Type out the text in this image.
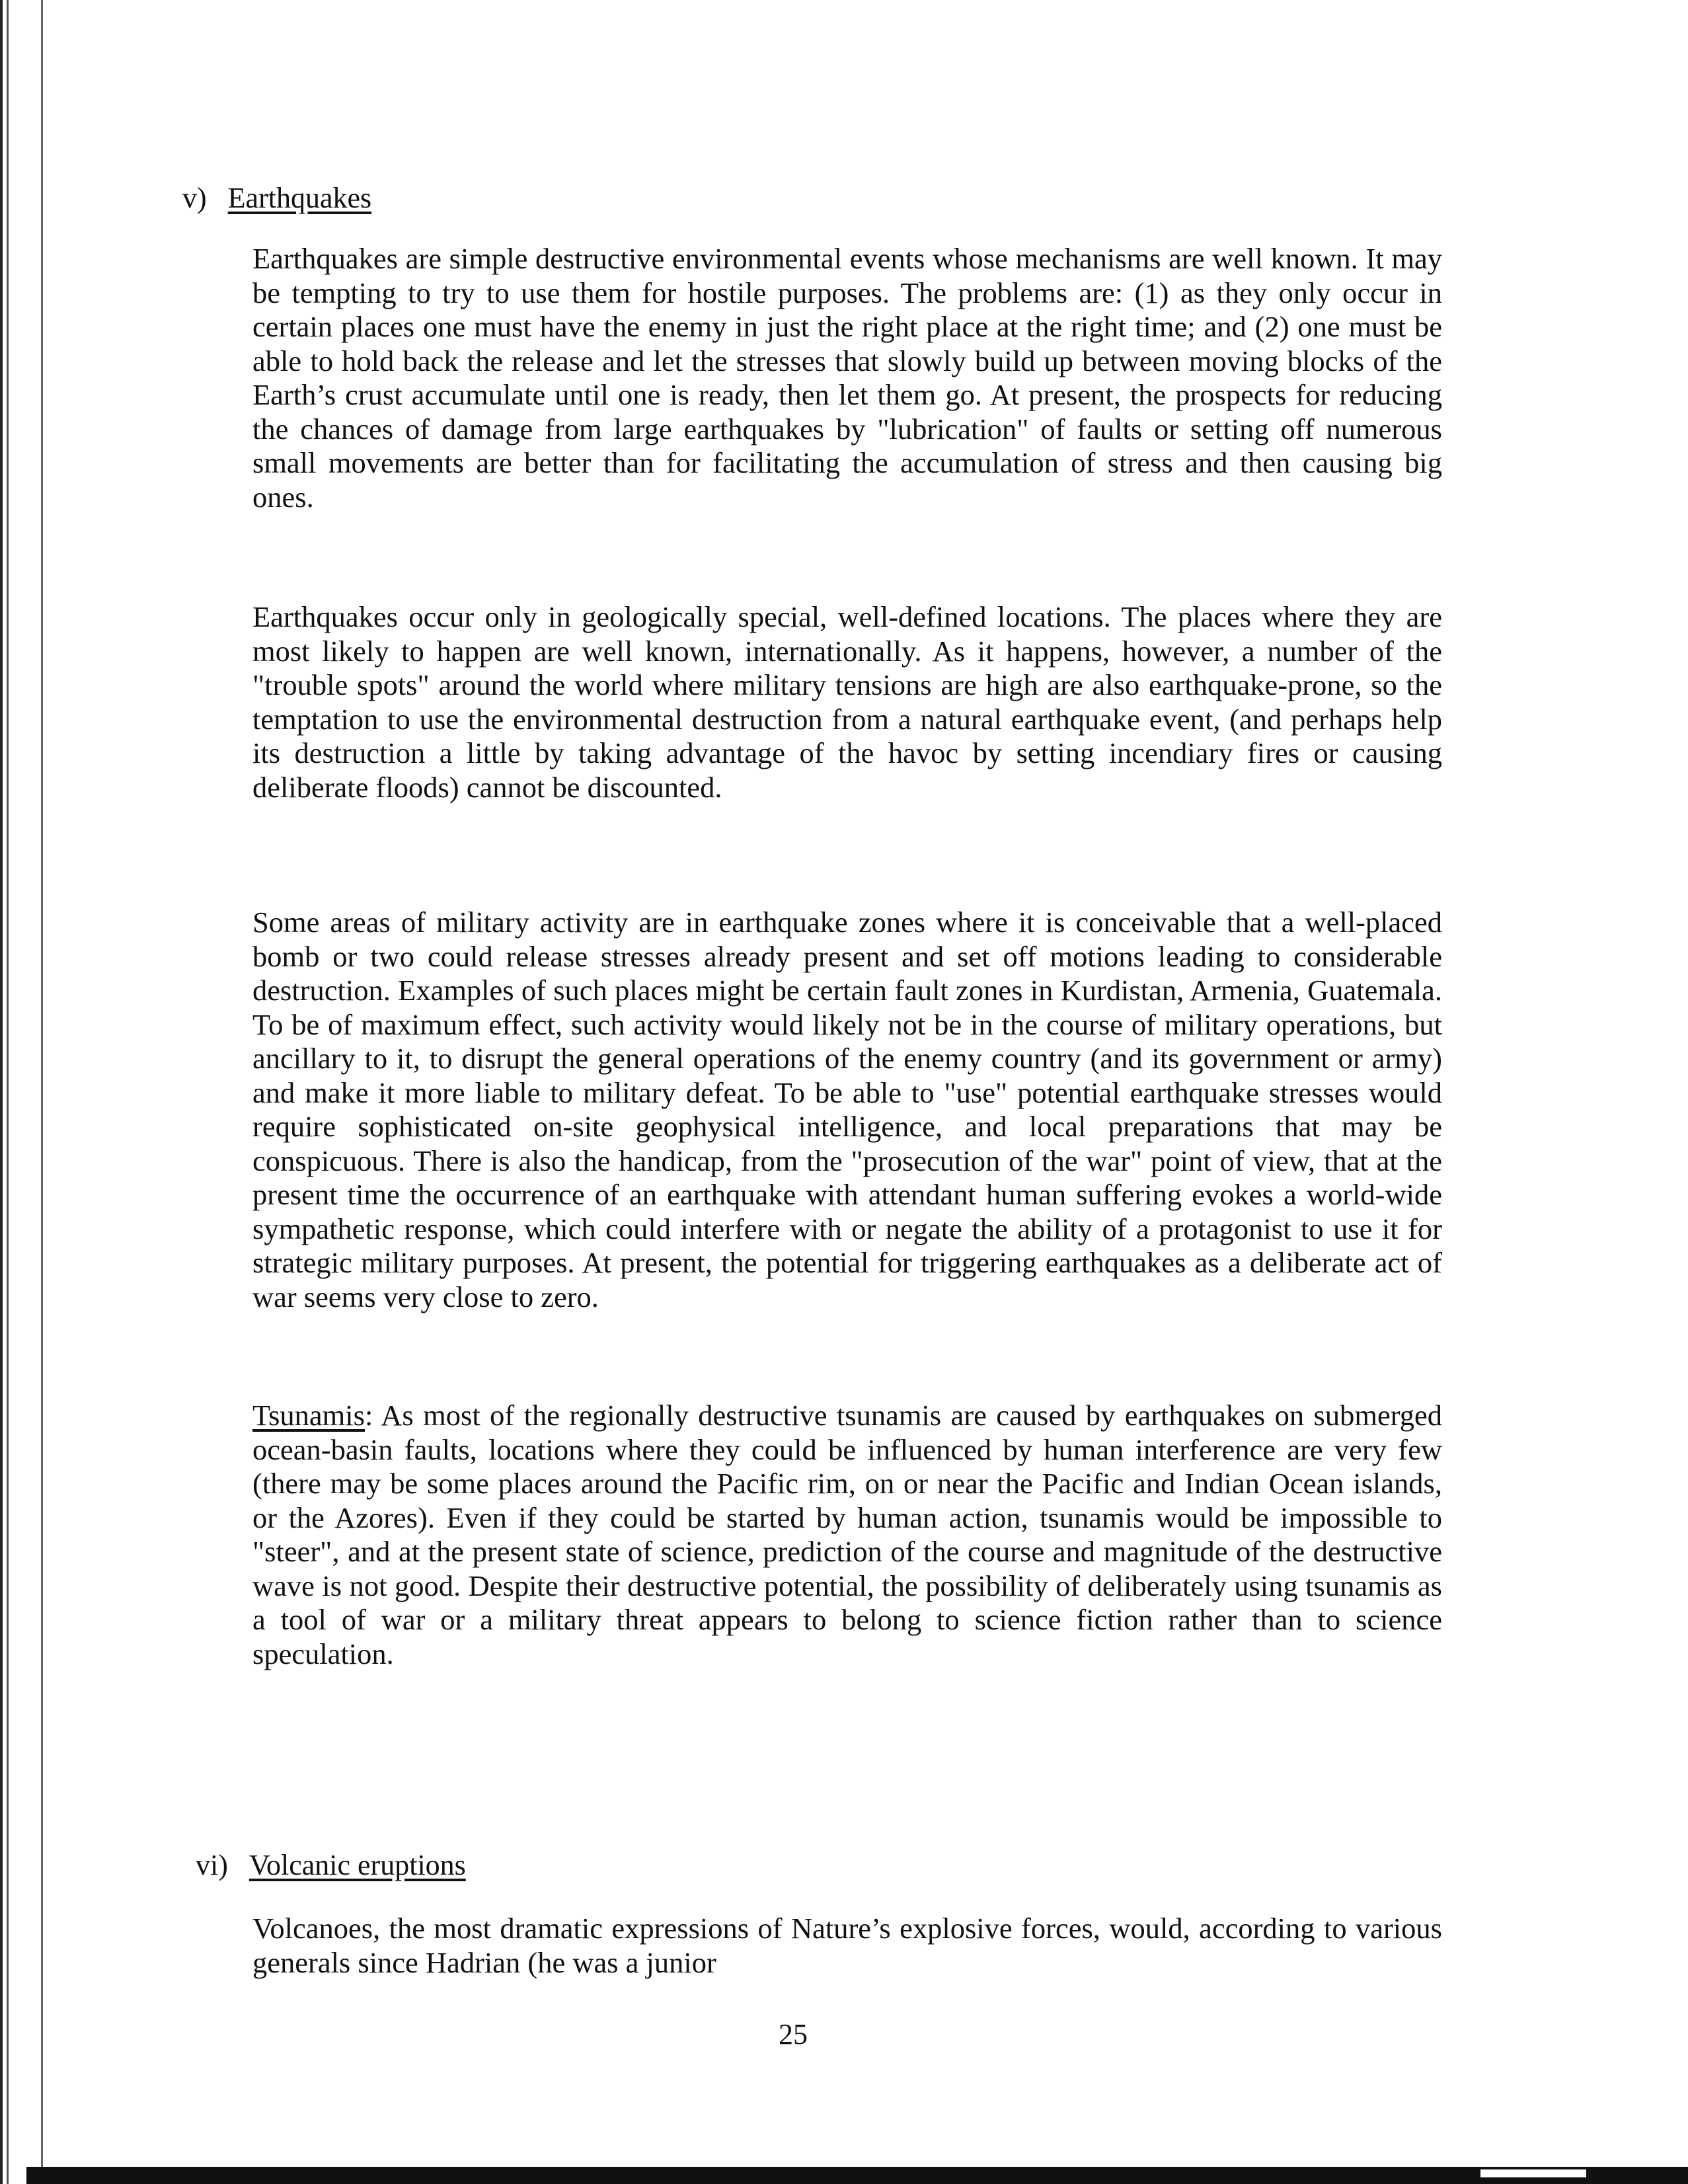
v) Earthquakes

Earthquakes are simple destructive environmental events whose mechanisms are well known. It may be tempting to try to use them for hostile purposes. The problems are: (1) as they only occur in certain places one must have the enemy in just the right place at the right time; and (2) one must be able to hold back the release and let the stresses that slowly build up between moving blocks of the Earth’s crust accumulate until one is ready, then let them go. At present, the prospects for reducing the chances of damage from large earthquakes by "lubrication" of faults or setting off numerous small movements are better than for facilitating the accumulation of stress and then causing big ones.

Earthquakes occur only in geologically special, well-defined locations. The places where they are most likely to happen are well known, internationally. As it happens, however, a number of the "trouble spots" around the world where military tensions are high are also earthquake-prone, so the temptation to use the environmental destruction from a natural earthquake event, (and perhaps help its destruction a little by taking advantage of the havoc by setting incendiary fires or causing deliberate floods) cannot be discounted.

Some areas of military activity are in earthquake zones where it is conceivable that a well-placed bomb or two could release stresses already present and set off motions leading to considerable destruction. Examples of such places might be certain fault zones in Kurdistan, Armenia, Guatemala. To be of maximum effect, such activity would likely not be in the course of military operations, but ancillary to it, to disrupt the general operations of the enemy country (and its government or army) and make it more liable to military defeat. To be able to "use" potential earthquake stresses would require sophisticated on-site geophysical intelligence, and local preparations that may be conspicuous. There is also the handicap, from the "prosecution of the war" point of view, that at the present time the occurrence of an earthquake with attendant human suffering evokes a world-wide sympathetic response, which could interfere with or negate the ability of a protagonist to use it for strategic military purposes. At present, the potential for triggering earthquakes as a deliberate act of war seems very close to zero.

Tsunamis: As most of the regionally destructive tsunamis are caused by earthquakes on submerged ocean-basin faults, locations where they could be influenced by human interference are very few (there may be some places around the Pacific rim, on or near the Pacific and Indian Ocean islands, or the Azores). Even if they could be started by human action, tsunamis would be impossible to "steer", and at the present state of science, prediction of the course and magnitude of the destructive wave is not good. Despite their destructive potential, the possibility of deliberately using tsunamis as a tool of war or a military threat appears to belong to science fiction rather than to science speculation.

vi) Volcanic eruptions

Volcanoes, the most dramatic expressions of Nature’s explosive forces, would, according to various generals since Hadrian (he was a junior

25
